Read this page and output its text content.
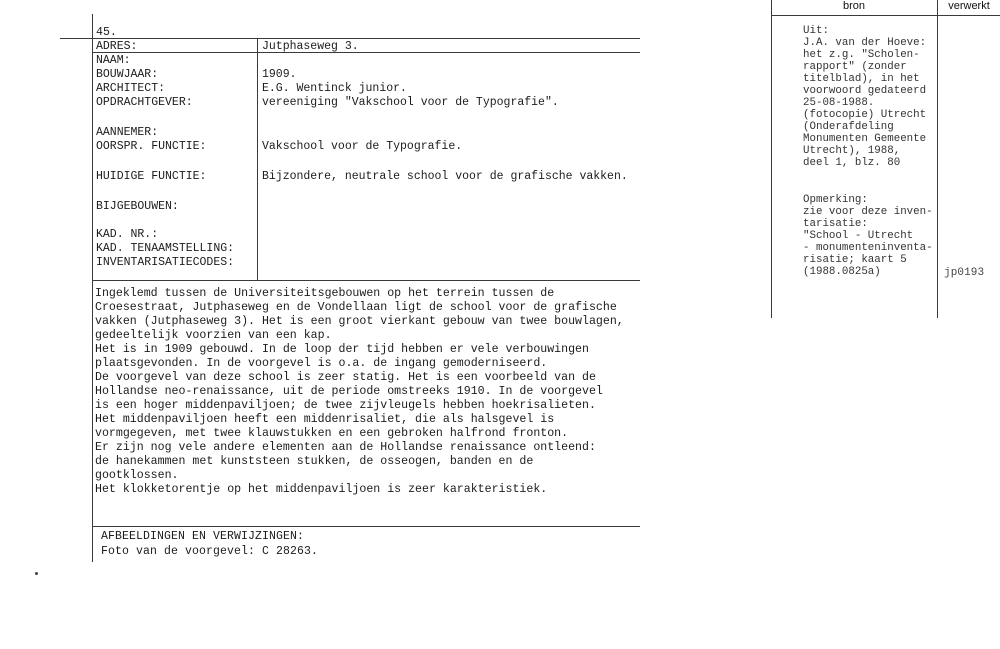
45.
ADRES:
NAAM:
BOUWJAAR:
ARCHITECT:
OPDRACHTGEVER:
AANNEMER:
OORSPR. FUNCTIE:
HUIDIGE FUNCTIE:
BIJGEBOUWEN:
KAD. NR.:
KAD. TENAAMSTELLING:
INVENTARISATIECODES:
Jutphaseweg 3.
1909.
E.G. Wentinck junior.
vereeniging "Vakschool voor de Typografie".
Vakschool voor de Typografie.
Bijzondere, neutrale school voor de grafische vakken.
Ingeklemd tussen de Universiteitsgebouwen op het terrein tussen de
Croesestraat, Jutphaseweg en de Vondellaan ligt de school voor de grafische
vakken (Jutphaseweg 3). Het is een groot vierkant gebouw van twee bouwlagen,
gedeeltelijk voorzien van een kap.
Het is in 1909 gebouwd. In de loop der tijd hebben er vele verbouwingen
plaatsgevonden. In de voorgevel is o.a. de ingang gemoderniseerd.
De voorgevel van deze school is zeer statig. Het is een voorbeeld van de
Hollandse neo-renaissance, uit de periode omstreeks 1910. In de voorgevel
is een hoger middenpaviljoen; de twee zijvleugels hebben hoekrisalieten.
Het middenpaviljoen heeft een middenrisaliet, die als halsgevel is
vormgegeven, met twee klauwstukken en een gebroken halfrond fronton.
Er zijn nog vele andere elementen aan de Hollandse renaissance ontleend:
de hanekammen met kunststeen stukken, de osseogen, banden en de
gootklossen.
Het klokketorentje op het middenpaviljoen is zeer karakteristiek.
AFBEELDINGEN EN VERWIJZINGEN:
Foto van de voorgevel: C 28263.
bron	verwerkt
Uit:
J.A. van der Hoeve:
het z.g. "Scholen-
rapport" (zonder
titelblad), in het
voorwoord gedateerd
25-08-1988.
(fotocopie) Utrecht
(Onderafdeling
Monumenten Gemeente
Utrecht), 1988,
deel 1, blz. 80
Opmerking:
zie voor deze inven-
tarisatie:
"School - Utrecht
- monumenteninventa-
risatie; kaart 5
(1988.0825a)	jp0193
